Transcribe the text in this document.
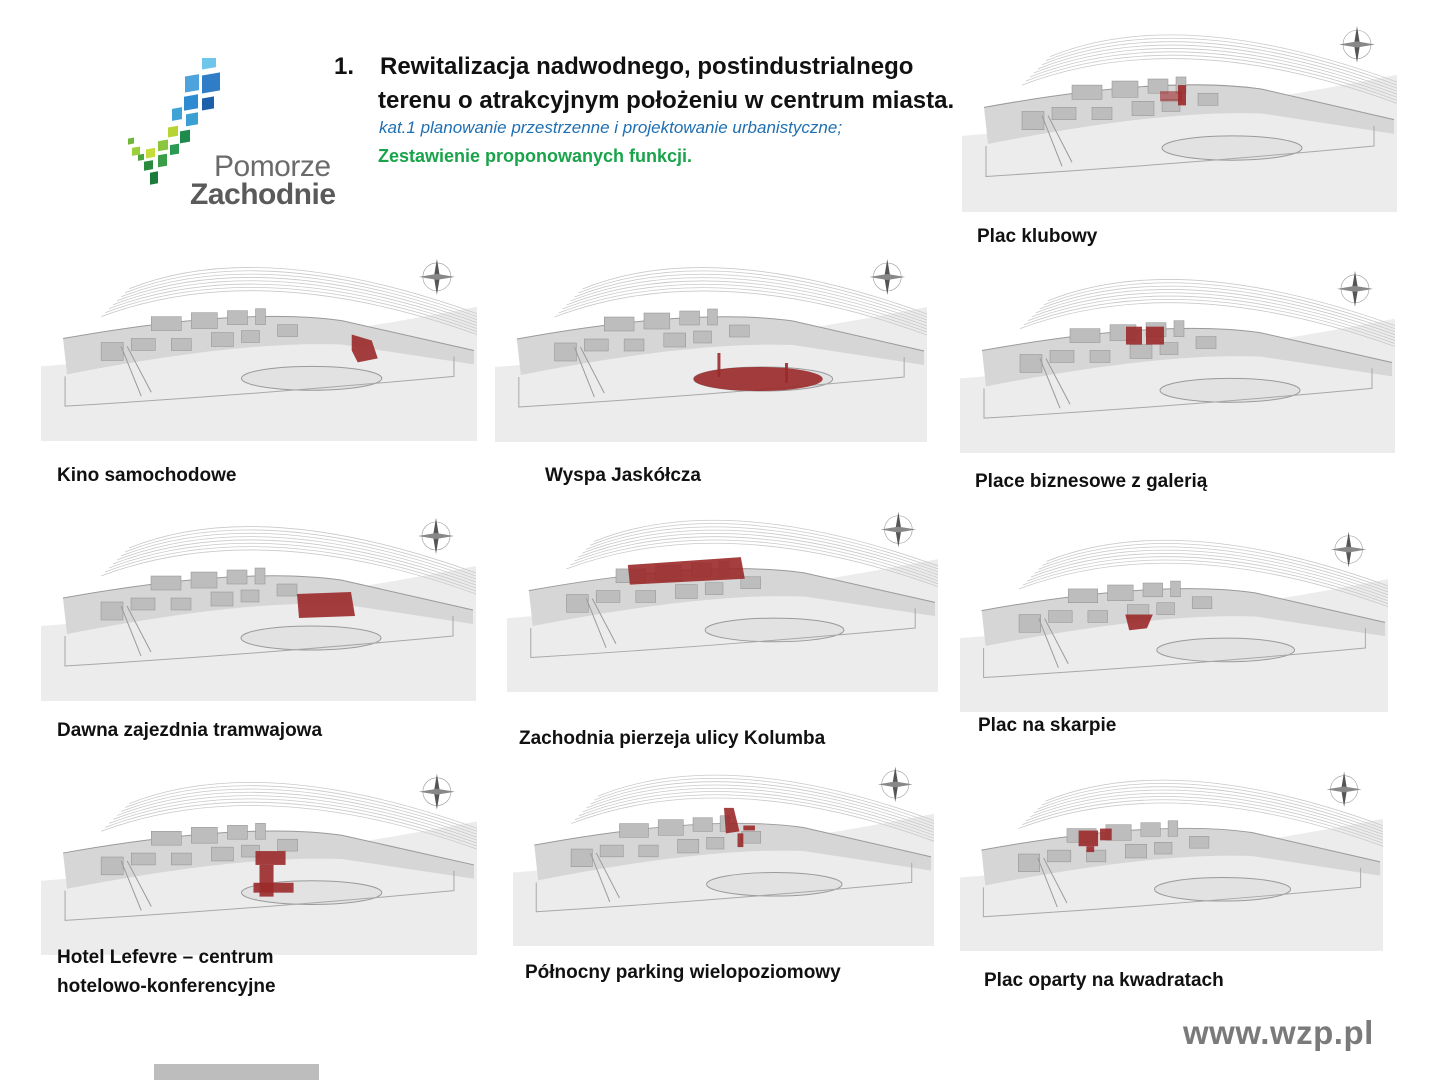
Pomorze
Zachodnie
1. Rewitalizacja nadwodnego, postindustrialnego
terenu o atrakcyjnym położeniu w centrum miasta.
kat.1 planowanie przestrzenne i projektowanie urbanistyczne;
Zestawienie proponowanych funkcji.
Plac klubowy
Kino samochodowe	Wyspa Jaskółcza	Place biznesowe z galerią
Dawna zajezdnia tramwajowa	Zachodnia pierzeja ulicy Kolumba
Plac na skarpie
Hotel Lefevre – centrum
hotelowo-konferencyjne
Północny parking wielopoziomowy	Plac oparty na kwadratach
www.wzp.pl
